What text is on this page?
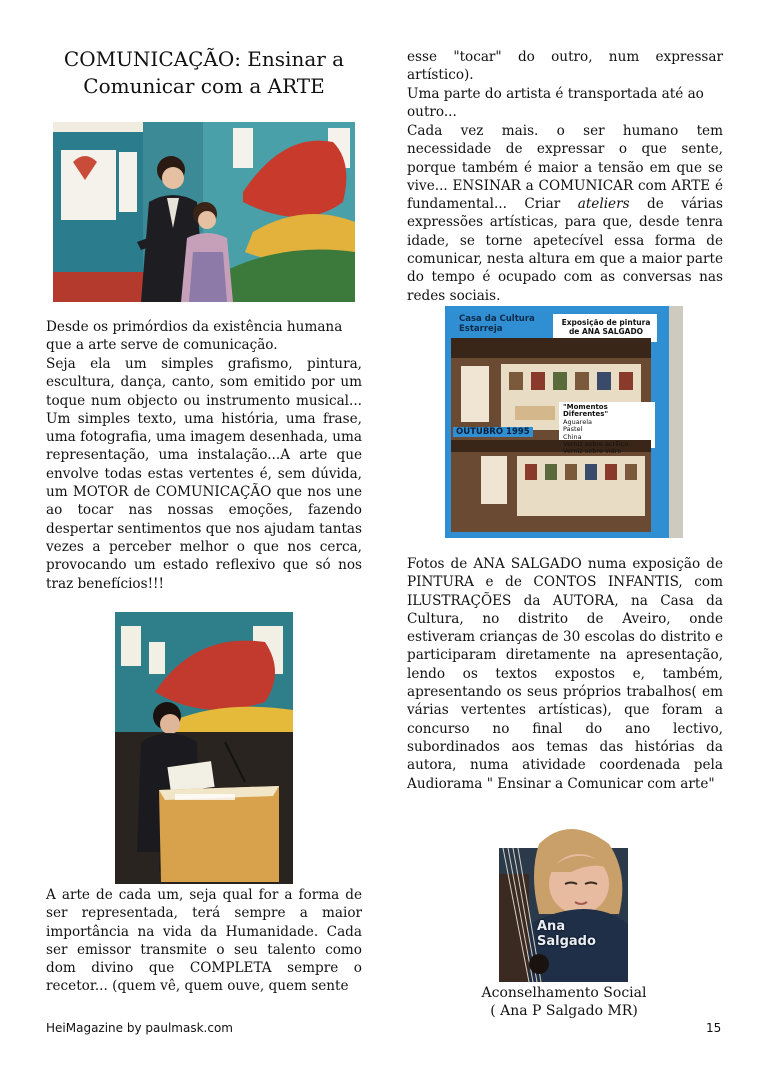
COMUNICAÇÃO: Ensinar a
Comunicar com a ARTE
Desde os primórdios da existência humana
que a arte serve de comunicação.

Seja ela um simples grafismo, pintura, escultura, dança, canto, som emitido por um toque num objecto ou instrumento musical... Um simples texto, uma história, uma frase, uma fotografia, uma imagem desenhada, uma representação, uma instalação...A arte que envolve todas estas vertentes é, sem dúvida, um MOTOR de COMUNICAÇÃO que nos une ao tocar nas nossas emoções, fazendo despertar sentimentos que nos ajudam tantas vezes a perceber melhor o que nos cerca, provocando um estado reflexivo que só nos traz benefícios!!!

A arte de cada um, seja qual for a forma de ser representada, terá sempre a maior importância na vida da Humanidade. Cada ser emissor transmite o seu talento como dom divino que COMPLETA sempre o recetor... (quem vê, quem ouve, quem sente

esse "tocar" do outro, num expressar artístico).

Uma parte do artista é transportada até ao outro...

Cada vez mais. o ser humano tem necessidade de expressar o que sente, porque também é maior a tensão em que se vive... ENSINAR a COMUNICAR com ARTE é fundamental... Criar ateliers de várias expressões artísticas, para que, desde tenra idade, se torne apetecível essa forma de comunicar, nesta altura em que a maior parte do tempo é ocupado com as conversas nas redes sociais.

Casa da Cultura
Estarreja
Exposição de pintura
de ANA SALGADO
"Momentos Diferentes"
Aguarela
Pastel
China
Verniz sobre acrílico
Verniz sobre vidro
OUTUBRO 1995

Fotos de ANA SALGADO numa exposição de PINTURA e de CONTOS INFANTIS, com ILUSTRAÇÕES da AUTORA, na Casa da Cultura, no distrito de Aveiro, onde estiveram crianças de 30 escolas do distrito e participaram diretamente na apresentação, lendo os textos expostos e, também, apresentando os seus próprios trabalhos( em várias vertentes artísticas), que foram a concurso no final do ano lectivo, subordinados aos temas das histórias da autora, numa atividade coordenada pela Audiorama " Ensinar a Comunicar com arte"

Ana Salgado
Aconselhamento Social
( Ana P Salgado MR)
HeiMagazine by paulmask.com	15
